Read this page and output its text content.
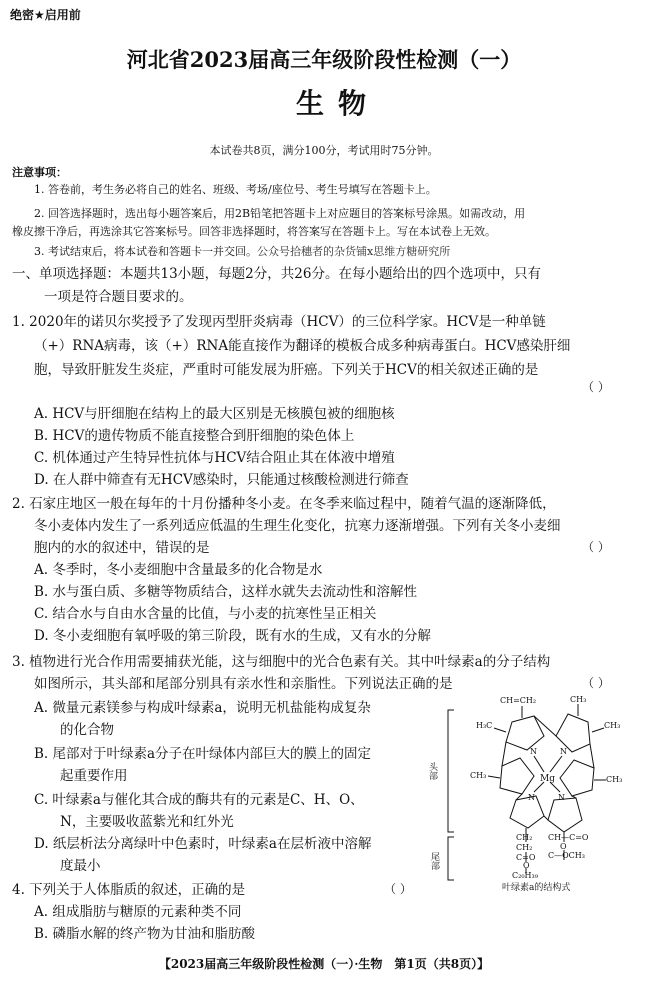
绝密★启用前
河北省2023届高三年级阶段性检测（一）
生物
本试卷共8页，满分100分，考试用时75分钟。
注意事项：
1. 答卷前，考生务必将自己的姓名、班级、考场/座位号、考生号填写在答题卡上。
2. 回答选择题时，选出每小题答案后，用2B铅笔把答题卡上对应题目的答案标号涂黑。如需改动，用
橡皮擦干净后，再选涂其它答案标号。回答非选择题时，将答案写在答题卡上。写在本试卷上无效。
3. 考试结束后，将本试卷和答题卡一并交回。公众号拾穗者的杂货铺x思维方糖研究所
一、单项选择题：本题共13小题，每题2分，共26分。在每小题给出的四个选项中，只有
一项是符合题目要求的。
1. 2020年的诺贝尔奖授予了发现丙型肝炎病毒（HCV）的三位科学家。HCV是一种单链
（+）RNA病毒，该（+）RNA能直接作为翻译的模板合成多种病毒蛋白。HCV感染肝细
胞，导致肝脏发生炎症，严重时可能发展为肝癌。下列关于HCV的相关叙述正确的是
（ ）
A. HCV与肝细胞在结构上的最大区别是无核膜包被的细胞核
B. HCV的遗传物质不能直接整合到肝细胞的染色体上
C. 机体通过产生特异性抗体与HCV结合阻止其在体液中增殖
D. 在人群中筛查有无HCV感染时，只能通过核酸检测进行筛查
2. 石家庄地区一般在每年的十月份播种冬小麦。在冬季来临过程中，随着气温的逐渐降低，
冬小麦体内发生了一系列适应低温的生理生化变化，抗寒力逐渐增强。下列有关冬小麦细
胞内的水的叙述中，错误的是	（ ）
A. 冬季时，冬小麦细胞中含量最多的化合物是水
B. 水与蛋白质、多糖等物质结合，这样水就失去流动性和溶解性
C. 结合水与自由水含量的比值，与小麦的抗寒性呈正相关
D. 冬小麦细胞有氧呼吸的第三阶段，既有水的生成，又有水的分解
3. 植物进行光合作用需要捕获光能，这与细胞中的光合色素有关。其中叶绿素a的分子结构
如图所示，其头部和尾部分别具有亲水性和亲脂性。下列说法正确的是	（ ）
A. 微量元素镁参与构成叶绿素a，说明无机盐能构成复杂
的化合物
B. 尾部对于叶绿素a分子在叶绿体内部巨大的膜上的固定
起重要作用
C. 叶绿素a与催化其合成的酶共有的元素是C、H、O、
N，主要吸收蓝紫光和红外光
D. 纸层析法分离绿叶中色素时，叶绿素a在层析液中溶解
度最小
头部
尾部
CH=CH₂	CH₃
H₃C	CH₃
CH₃	CH₃
Mg
N	N
N	N
CH₂
CH₂
C=O
O
C₂₀H₃₉
CH—C=O
O
C—OCH₃
叶绿素a的结构式
4. 下列关于人体脂质的叙述，正确的是	（ ）
A. 组成脂肪与糖原的元素种类不同
B. 磷脂水解的终产物为甘油和脂肪酸
【2023届高三年级阶段性检测（一）·生物　第1页（共8页）】
